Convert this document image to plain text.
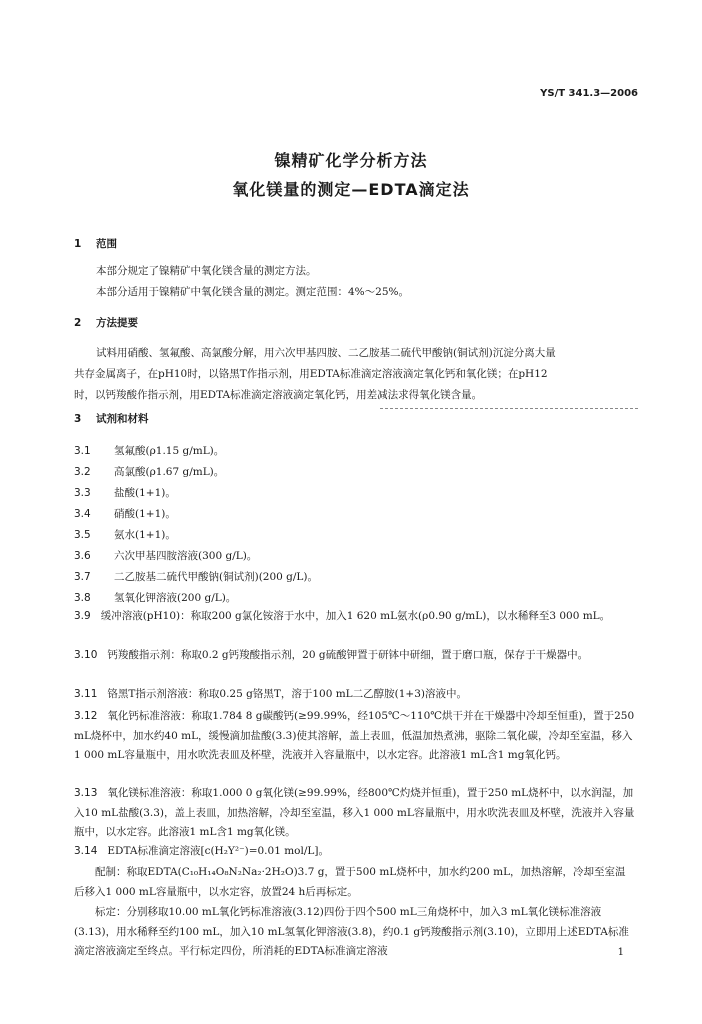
YS/T 341.3—2006
镍精矿化学分析方法
氧化镁量的测定—EDTA滴定法
1 范围
本部分规定了镍精矿中氧化镁含量的测定方法。
本部分适用于镍精矿中氧化镁含量的测定。测定范围：4%～25%。
2 方法提要
试料用硝酸、氢氟酸、高氯酸分解，用六次甲基四胺、二乙胺基二硫代甲酸钠(铜试剂)沉淀分离大量
共存金属离子，在pH10时，以铬黑T作指示剂，用EDTA标准滴定溶液滴定氧化钙和氧化镁；在pH12
时，以钙羧酸作指示剂，用EDTA标准滴定溶液滴定氧化钙，用差减法求得氧化镁含量。
3 试剂和材料
3.1 氢氟酸(ρ1.15 g/mL)。
3.2 高氯酸(ρ1.67 g/mL)。
3.3 盐酸(1+1)。
3.4 硝酸(1+1)。
3.5 氨水(1+1)。
3.6 六次甲基四胺溶液(300 g/L)。
3.7 二乙胺基二硫代甲酸钠(铜试剂)(200 g/L)。
3.8 氢氧化钾溶液(200 g/L)。
3.9 缓冲溶液(pH10)：称取200 g氯化铵溶于水中，加入1 620 mL氨水(ρ0.90 g/mL)，以水稀释至3 000 mL。
3.10 钙羧酸指示剂：称取0.2 g钙羧酸指示剂，20 g硫酸钾置于研钵中研细，置于磨口瓶，保存于干燥器中。
3.11 铬黑T指示剂溶液：称取0.25 g铬黑T，溶于100 mL二乙醇胺(1+3)溶液中。
3.12 氧化钙标准溶液：称取1.784 8 g碳酸钙(≥99.99%，经105℃～110℃烘干并在干燥器中冷却至恒重)，置于250 mL烧杯中，加水约40 mL，缓慢滴加盐酸(3.3)使其溶解，盖上表皿，低温加热煮沸，驱除二氧化碳，冷却至室温，移入1 000 mL容量瓶中，用水吹洗表皿及杯壁，洗液并入容量瓶中，以水定容。此溶液1 mL含1 mg氧化钙。
3.13 氧化镁标准溶液：称取1.000 0 g氧化镁(≥99.99%，经800℃灼烧并恒重)，置于250 mL烧杯中，以水润湿，加入10 mL盐酸(3.3)，盖上表皿，加热溶解，冷却至室温，移入1 000 mL容量瓶中，用水吹洗表皿及杯壁，洗液并入容量瓶中，以水定容。此溶液1 mL含1 mg氧化镁。
3.14 EDTA标准滴定溶液[c(H₂Y²⁻)=0.01 mol/L]。
配制：称取EDTA(C₁₀H₁₄O₈N₂Na₂·2H₂O)3.7 g，置于500 mL烧杯中，加水约200 mL，加热溶解，冷却至室温后移入1 000 mL容量瓶中，以水定容，放置24 h后再标定。
标定：分别移取10.00 mL氧化钙标准溶液(3.12)四份于四个500 mL三角烧杯中，加入3 mL氧化镁标准溶液(3.13)，用水稀释至约100 mL，加入10 mL氢氧化钾溶液(3.8)，约0.1 g钙羧酸指示剂(3.10)，立即用上述EDTA标准滴定溶液滴定至终点。平行标定四份，所消耗的EDTA标准滴定溶液	1
